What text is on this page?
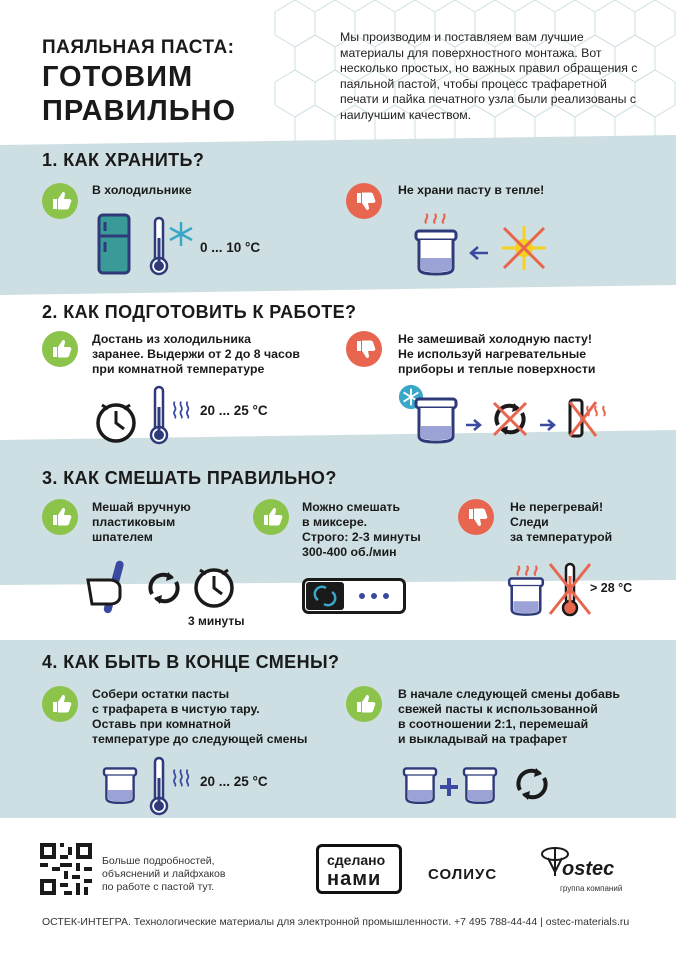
ПАЯЛЬНАЯ ПАСТА:
ГОТОВИМ
ПРАВИЛЬНО
Мы производим и поставляем вам лучшие материалы для поверхностного монтажа. Вот несколько простых, но важных правил обращения с паяльной пастой, чтобы процесс трафаретной печати и пайка печатного узла были реализованы с наилучшим качеством.
1. КАК ХРАНИТЬ?
В холодильнике
0 ... 10 °C
Не храни пасту в тепле!
2. КАК ПОДГОТОВИТЬ К РАБОТЕ?
Достань из холодильника
заранее. Выдержи от 2 до 8 часов
при комнатной температуре
20 ... 25 °C
Не замешивай холодную пасту!
Не используй нагревательные
приборы и теплые поверхности
3. КАК СМЕШАТЬ ПРАВИЛЬНО?
Мешай вручную
пластиковым
шпателем
3 минуты
Можно смешать
в миксере.
Строго: 2-3 минуты
300-400 об./мин
Не перегревай!
Следи
за температурой
> 28 °C
4. КАК БЫТЬ В КОНЦЕ СМЕНЫ?
Собери остатки пасты
с трафарета в чистую тару.
Оставь при комнатной
температуре до следующей смены
20 ... 25 °C
В начале следующей смены добавь
свежей пасты к использованной
в соотношении 2:1, перемешай
и выкладывай на трафарет
Больше подробностей,
объяснений и лайфхаков
по работе с пастой тут.
сделано
нами	СОЛИУС	ostec
группа компаний
ОСТЕК-ИНТЕГРА. Технологические материалы для электронной промышленности. +7 495 788-44-44 | ostec-materials.ru
